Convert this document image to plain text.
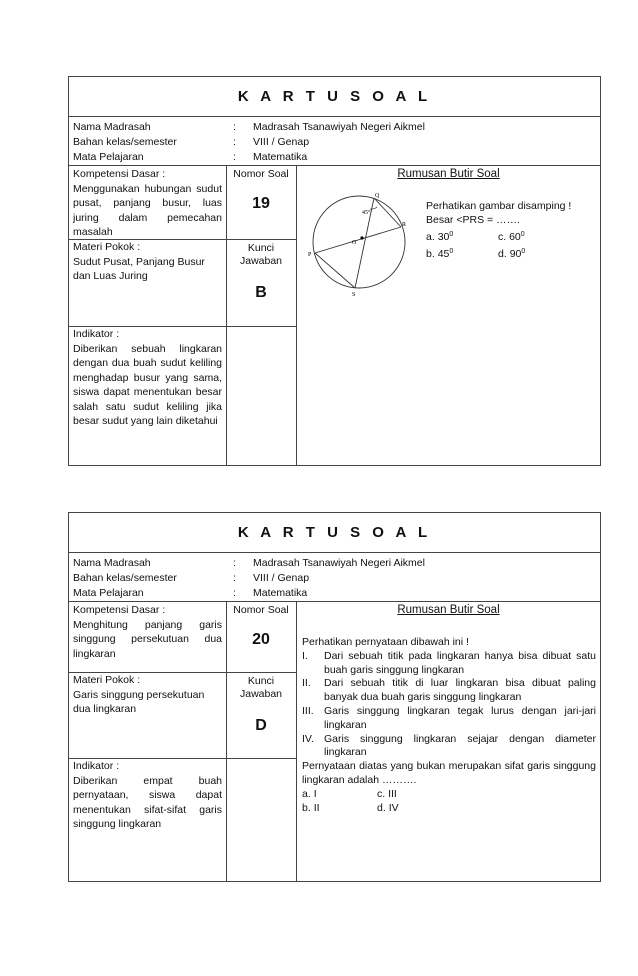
K A R T U S O A L
Nama Madrasah	: Madrasah Tsanawiyah Negeri Aikmel
Bahan kelas/semester	: VIII / Genap
Mata Pelajaran	: Matematika
Kompetensi Dasar :
Menggunakan hubungan sudut pusat, panjang busur, luas juring dalam pemecahan masalah
Nomor Soal
19
Materi Pokok :
Sudut Pusat, Panjang Busur dan Luas Juring
Kunci
Jawaban
B
Indikator :
Diberikan sebuah lingkaran dengan dua buah sudut keliling menghadap busur yang sama, siswa dapat menentukan besar salah satu sudut keliling jika besar sudut yang lain diketahui
Rumusan Butir Soal
Q
R
P
S
O
45°
Perhatikan gambar disamping !
Besar <PRS = …….
a. $30^0$	c. $60^0$
b. $45^0$	d. $90^0$
K A R T U S O A L
Nama Madrasah	: Madrasah Tsanawiyah Negeri Aikmel
Bahan kelas/semester	: VIII / Genap
Mata Pelajaran	: Matematika
Kompetensi Dasar :
Menghitung panjang garis singgung persekutuan dua lingkaran
Nomor Soal
20
Materi Pokok :
Garis singgung persekutuan dua lingkaran
Kunci
Jawaban
D
Indikator :
Diberikan empat buah pernyataan, siswa dapat menentukan sifat-sifat garis singgung lingkaran
Rumusan Butir Soal
Perhatikan pernyataan dibawah ini !
I.	Dari sebuah titik pada lingkaran hanya bisa dibuat satu buah garis singgung lingkaran
II.	Dari sebuah titik di luar lingkaran bisa dibuat paling banyak dua buah garis singgung lingkaran
III. Garis singgung lingkaran tegak lurus dengan jari-jari lingkaran
IV. Garis singgung lingkaran sejajar dengan diameter lingkaran
Pernyataan diatas yang bukan merupakan sifat garis singgung lingkaran adalah ……….
a. I	c. III
b. II	d. IV
